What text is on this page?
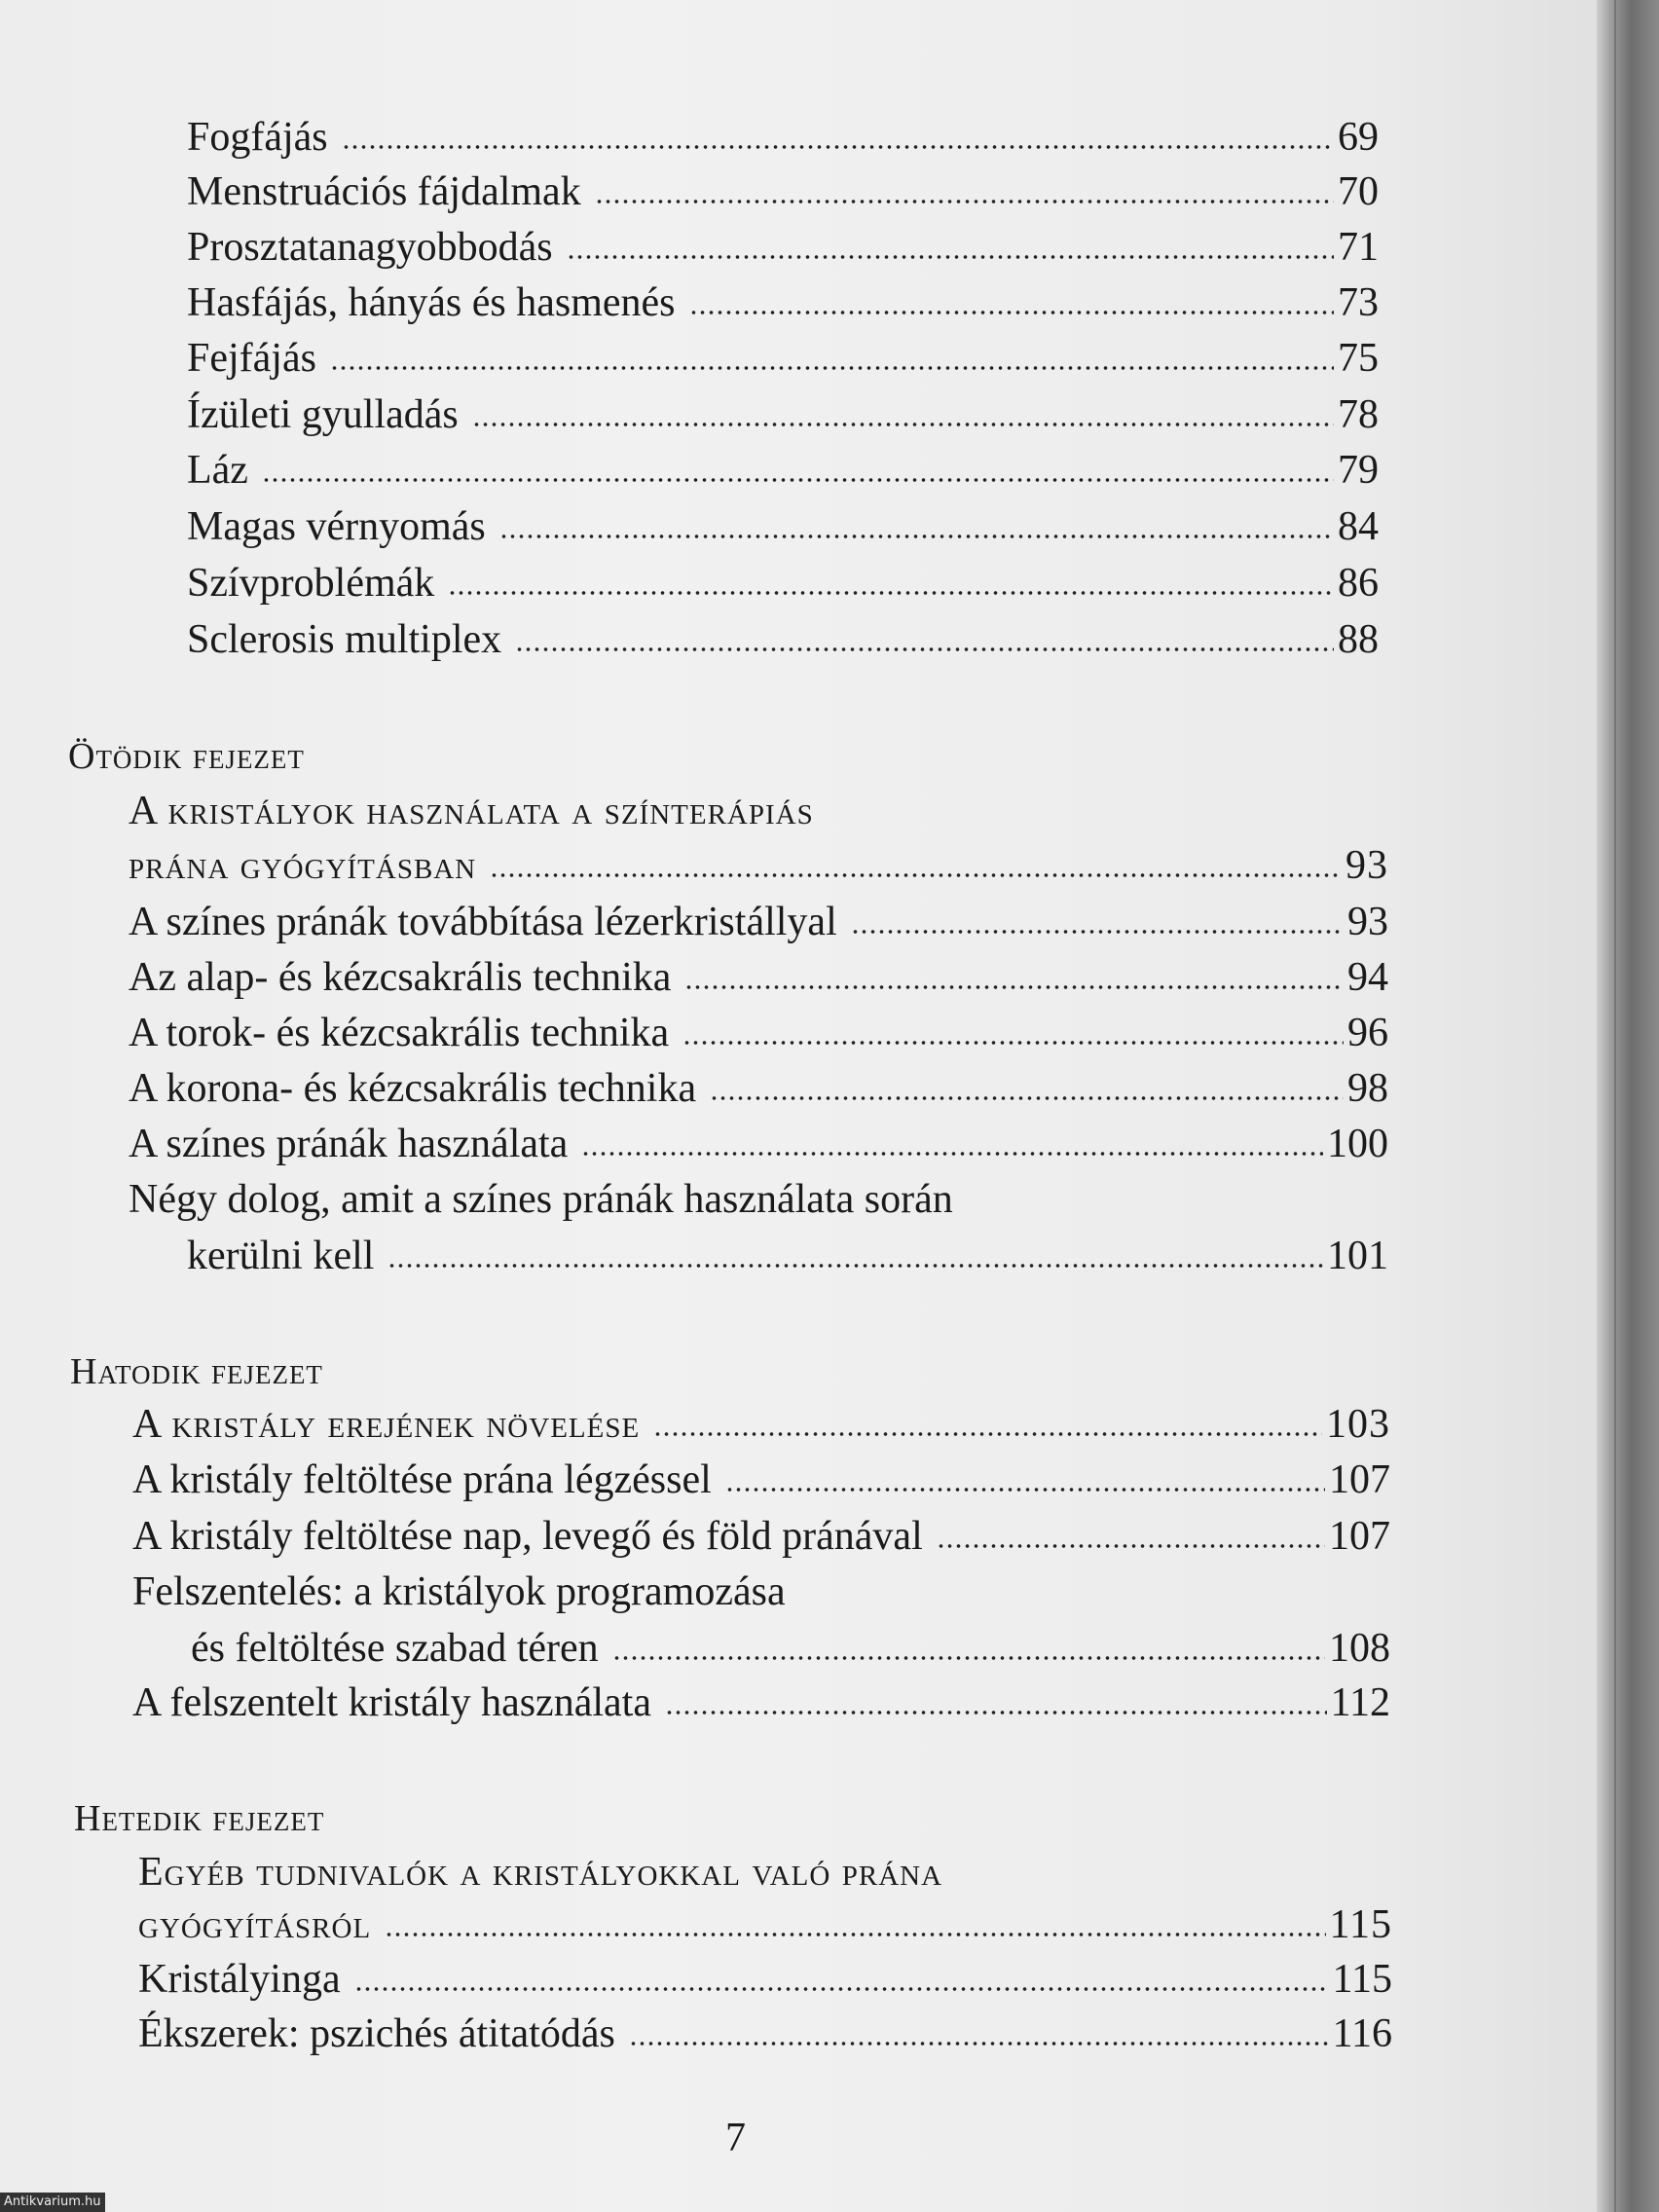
Fogfájás	69
Menstruációs fájdalmak	70
Prosztatanagyobbodás	71
Hasfájás, hányás és hasmenés	73
Fejfájás	75
Ízületi gyulladás	78
Láz	79
Magas vérnyomás	84
Szívproblémák	86
Sclerosis multiplex	88
Ötödik fejezet
A kristályok használata a színterápiás
prána gyógyításban	93
A színes pránák továbbítása lézerkristállyal	93
Az alap- és kézcsakrális technika	94
A torok- és kézcsakrális technika	96
A korona- és kézcsakrális technika	98
A színes pránák használata	100
Négy dolog, amit a színes pránák használata során
kerülni kell	101
Hatodik fejezet
A kristály erejének növelése	103
A kristály feltöltése prána légzéssel	107
A kristály feltöltése nap, levegő és föld pránával	107
Felszentelés: a kristályok programozása
és feltöltése szabad téren	108
A felszentelt kristály használata	112
Hetedik fejezet
Egyéb tudnivalók a kristályokkal való prána
gyógyításról	115
Kristályinga	115
Ékszerek: pszichés átitatódás	116
7
Antikvarium.hu
